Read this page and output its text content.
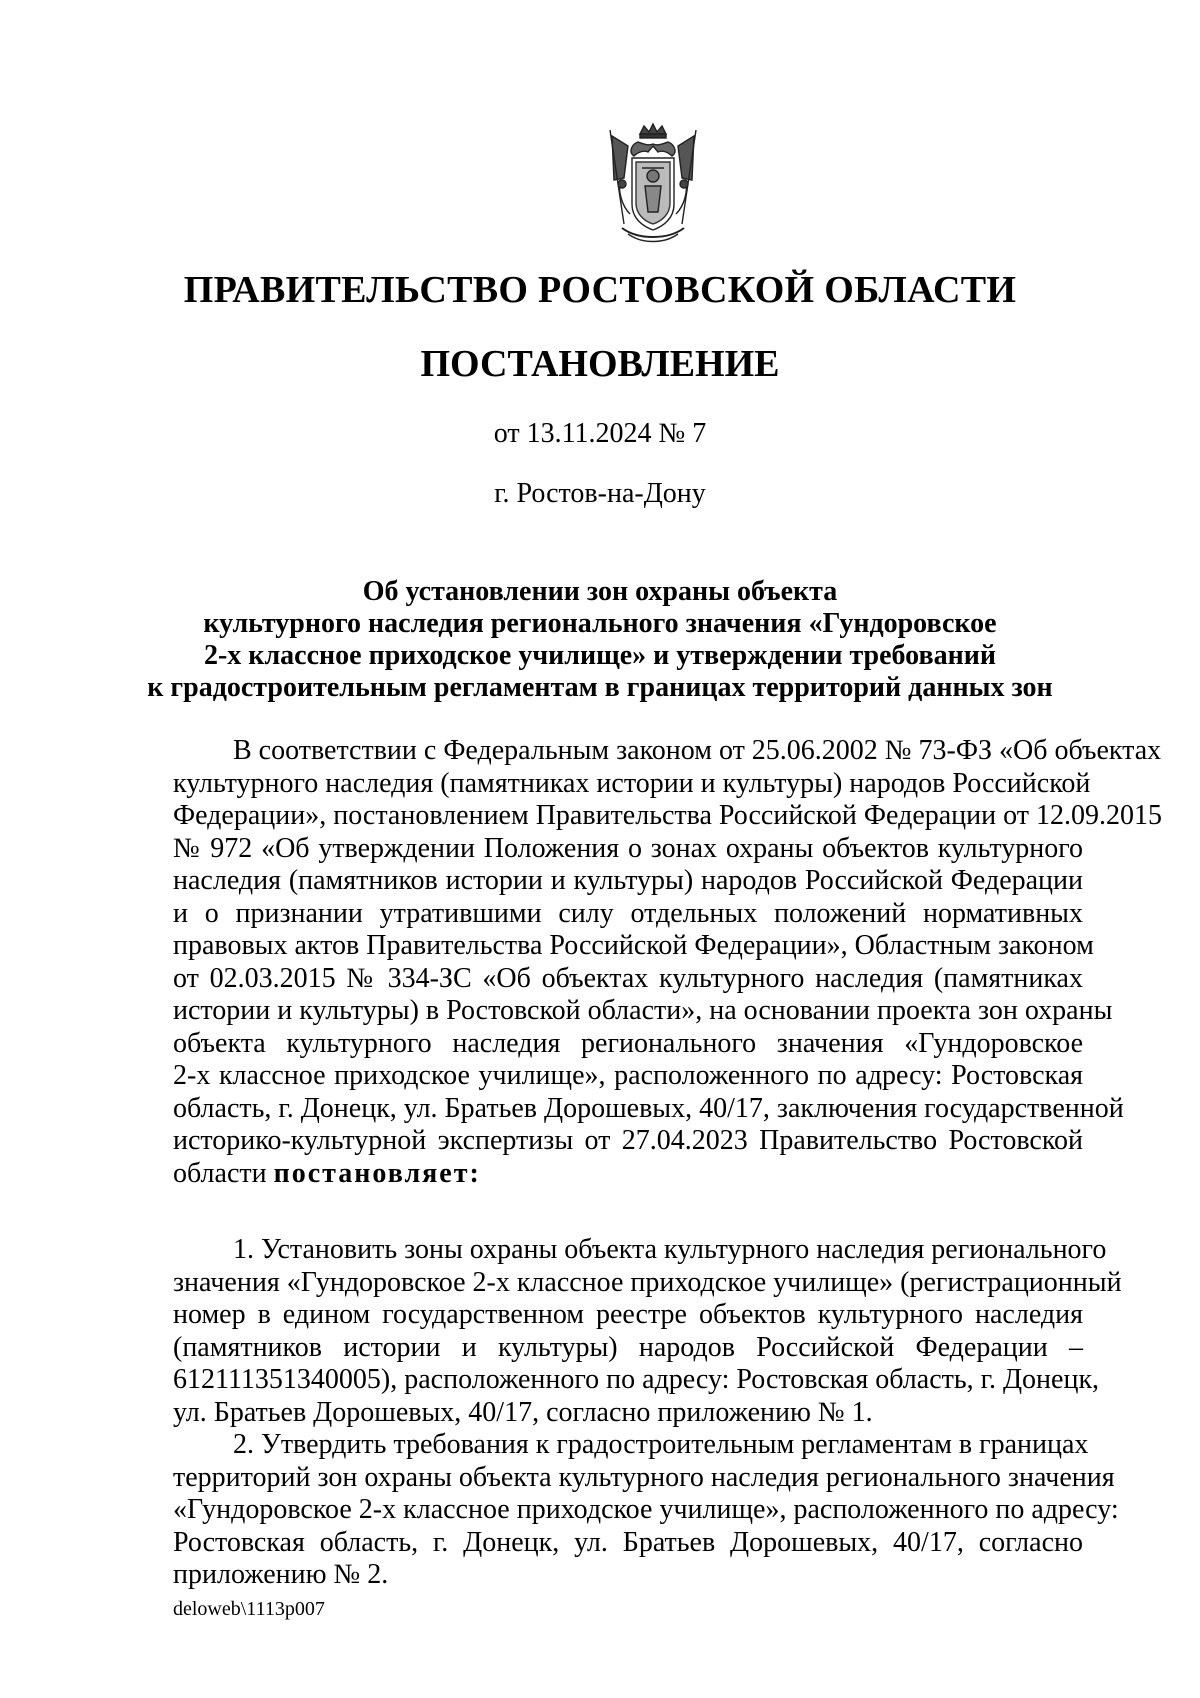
ПРАВИТЕЛЬСТВО РОСТОВСКОЙ ОБЛАСТИ
ПОСТАНОВЛЕНИЕ
от 13.11.2024 № 7
г. Ростов-на-Дону
Об установлении зон охраны объекта
культурного наследия регионального значения «Гундоровское
2-х классное приходское училище» и утверждении требований
к градостроительным регламентам в границах территорий данных зон
В соответствии с Федеральным законом от 25.06.2002 № 73-ФЗ «Об объектах
культурного наследия (памятниках истории и культуры) народов Российской
Федерации», постановлением Правительства Российской Федерации от 12.09.2015
№ 972 «Об утверждении Положения о зонах охраны объектов культурного
наследия (памятников истории и культуры) народов Российской Федерации
и о признании утратившими силу отдельных положений нормативных
правовых актов Правительства Российской Федерации», Областным законом
от 02.03.2015 № 334-ЗС «Об объектах культурного наследия (памятниках
истории и культуры) в Ростовской области», на основании проекта зон охраны
объекта культурного наследия регионального значения «Гундоровское
2-х классное приходское училище», расположенного по адресу: Ростовская
область, г. Донецк, ул. Братьев Дорошевых, 40/17, заключения государственной
историко-культурной экспертизы от 27.04.2023 Правительство Ростовской
области постановляет:
1. Установить зоны охраны объекта культурного наследия регионального
значения «Гундоровское 2-х классное приходское училище» (регистрационный
номер в едином государственном реестре объектов культурного наследия
(памятников истории и культуры) народов Российской Федерации –
612111351340005), расположенного по адресу: Ростовская область, г. Донецк,
ул. Братьев Дорошевых, 40/17, согласно приложению № 1.
2. Утвердить требования к градостроительным регламентам в границах
территорий зон охраны объекта культурного наследия регионального значения
«Гундоровское 2-х классное приходское училище», расположенного по адресу:
Ростовская область, г. Донецк, ул. Братьев Дорошевых, 40/17, согласно
приложению № 2.
deloweb\1113p007
